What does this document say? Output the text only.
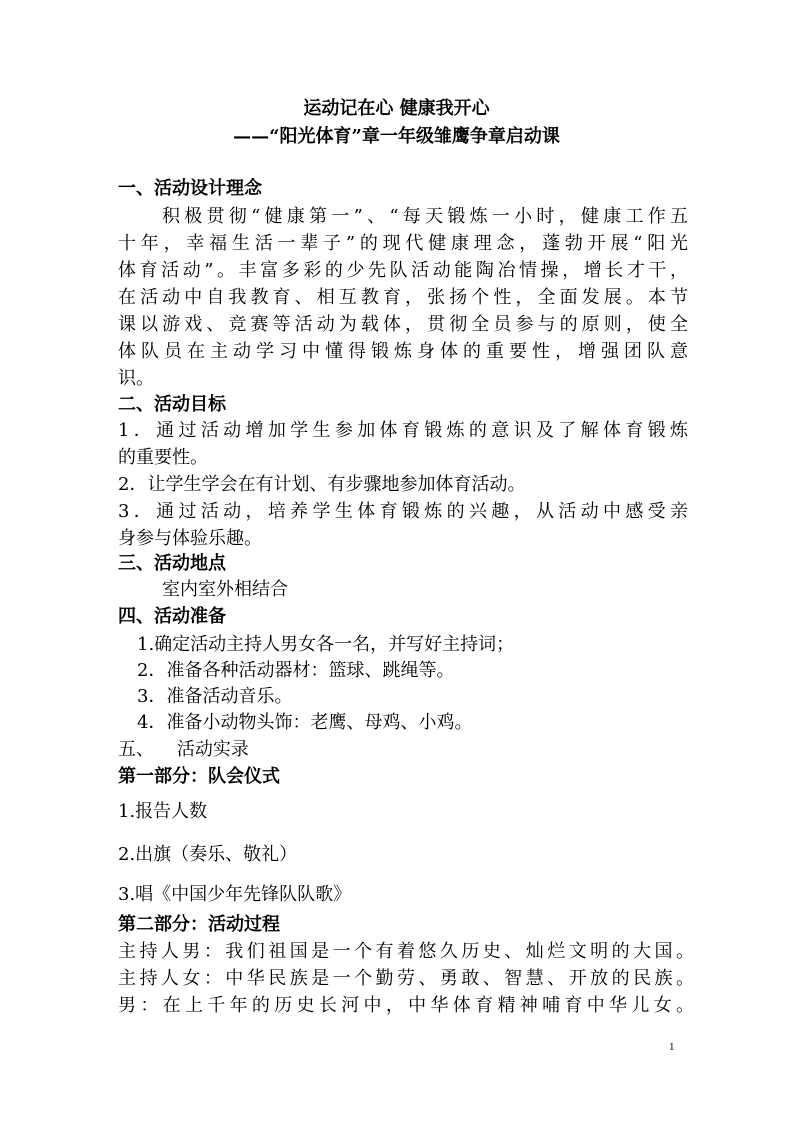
运动记在心 健康我开心
——“阳光体育”章一年级雏鹰争章启动课
一、活动设计理念
积极贯彻“健康第一”、“每天锻炼一小时，健康工作五
十年，幸福生活一辈子”的现代健康理念，蓬勃开展“阳光
体育活动”。丰富多彩的少先队活动能陶冶情操，增长才干，
在活动中自我教育、相互教育，张扬个性，全面发展。本节
课以游戏、竞赛等活动为载体，贯彻全员参与的原则，使全
体队员在主动学习中懂得锻炼身体的重要性，增强团队意
识。
二、活动目标
1．通过活动增加学生参加体育锻炼的意识及了解体育锻炼
的重要性。
2．让学生学会在有计划、有步骤地参加体育活动。
3．通过活动，培养学生体育锻炼的兴趣，从活动中感受亲
身参与体验乐趣。
三、活动地点
室内室外相结合
四、活动准备
1.确定活动主持人男女各一名，并写好主持词；
2．准备各种活动器材：篮球、跳绳等。
3．准备活动音乐。
4．准备小动物头饰：老鹰、母鸡、小鸡。
五、    活动实录
第一部分：队会仪式
1.报告人数
2.出旗（奏乐、敬礼）
3.唱《中国少年先锋队队歌》
第二部分：活动过程
主持人男：我们祖国是一个有着悠久历史、灿烂文明的大国。
主持人女：中华民族是一个勤劳、勇敢、智慧、开放的民族。
男：在上千年的历史长河中，中华体育精神哺育中华儿女。
1
